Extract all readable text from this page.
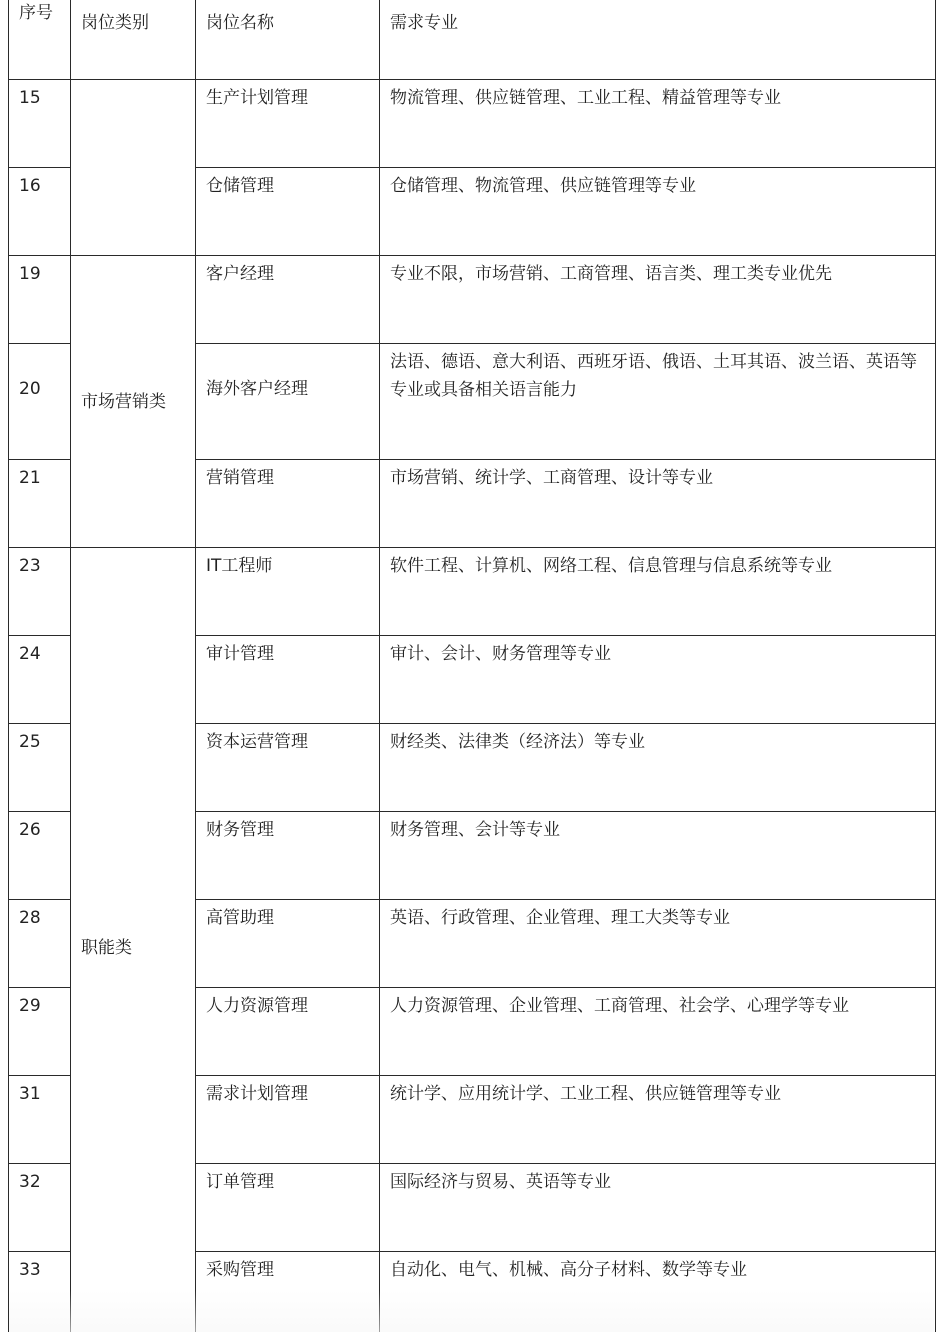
序号	岗位类别	岗位名称	需求专业
15		生产计划管理	物流管理、供应链管理、工业工程、精益管理等专业
16		仓储管理	仓储管理、物流管理、供应链管理等专业
19	市场营销类	客户经理	专业不限，市场营销、工商管理、语言类、理工类专业优先
20		海外客户经理	法语、德语、意大利语、西班牙语、俄语、土耳其语、波兰语、英语等专业或具备相关语言能力
21		营销管理	市场营销、统计学、工商管理、设计等专业
23	职能类	IT工程师	软件工程、计算机、网络工程、信息管理与信息系统等专业
24		审计管理	审计、会计、财务管理等专业
25		资本运营管理	财经类、法律类（经济法）等专业
26		财务管理	财务管理、会计等专业
28		高管助理	英语、行政管理、企业管理、理工大类等专业
29		人力资源管理	人力资源管理、企业管理、工商管理、社会学、心理学等专业
31		需求计划管理	统计学、应用统计学、工业工程、供应链管理等专业
32		订单管理	国际经济与贸易、英语等专业
33		采购管理	自动化、电气、机械、高分子材料、数学等专业
